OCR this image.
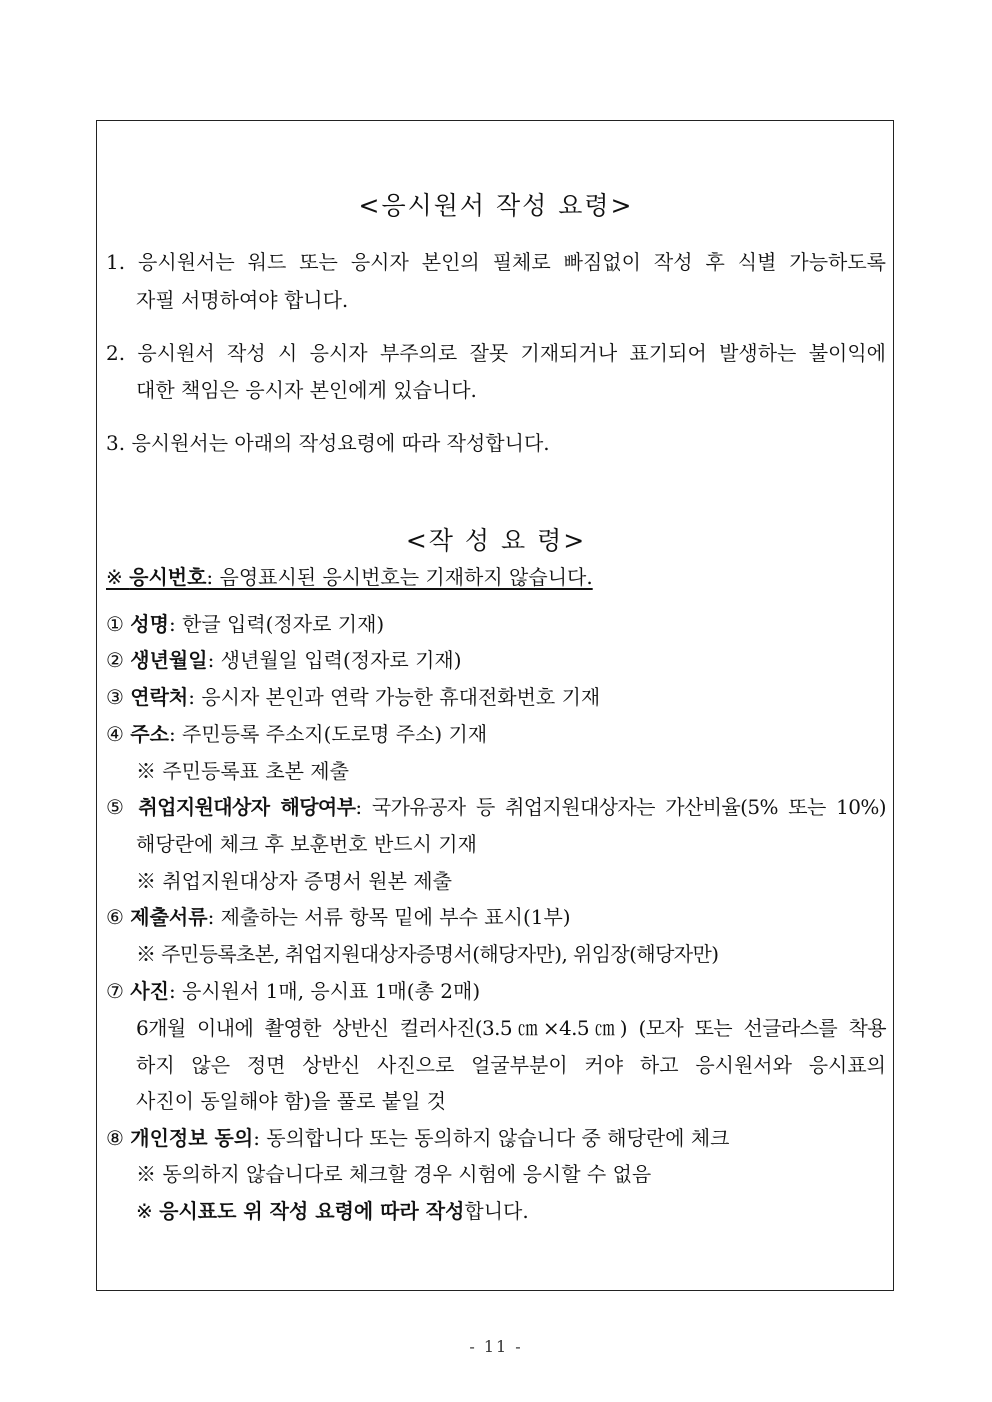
<응시원서 작성 요령>
1. 응시원서는 워드 또는 응시자 본인의 필체로 빠짐없이 작성 후 식별 가능하도록
자필 서명하여야 합니다.
2. 응시원서 작성 시 응시자 부주의로 잘못 기재되거나 표기되어 발생하는 불이익에
대한 책임은 응시자 본인에게 있습니다.
3. 응시원서는 아래의 작성요령에 따라 작성합니다.
<작 성 요 령>
※ 응시번호: 음영표시된 응시번호는 기재하지 않습니다.
① 성명: 한글 입력(정자로 기재)
② 생년월일: 생년월일 입력(정자로 기재)
③ 연락처: 응시자 본인과 연락 가능한 휴대전화번호 기재
④ 주소: 주민등록 주소지(도로명 주소) 기재
※ 주민등록표 초본 제출
⑤ 취업지원대상자 해당여부: 국가유공자 등 취업지원대상자는 가산비율(5% 또는 10%)
해당란에 체크 후 보훈번호 반드시 기재
※ 취업지원대상자 증명서 원본 제출
⑥ 제출서류: 제출하는 서류 항목 밑에 부수 표시(1부)
※ 주민등록초본, 취업지원대상자증명서(해당자만), 위임장(해당자만)
⑦ 사진: 응시원서 1매, 응시표 1매(총 2매)
6개월 이내에 촬영한 상반신 컬러사진(3.5㎝×4.5㎝) (모자 또는 선글라스를 착용
하지 않은 정면 상반신 사진으로 얼굴부분이 커야 하고 응시원서와 응시표의
사진이 동일해야 함)을 풀로 붙일 것
⑧ 개인정보 동의: 동의합니다 또는 동의하지 않습니다 중 해당란에 체크
※ 동의하지 않습니다로 체크할 경우 시험에 응시할 수 없음
※ 응시표도 위 작성 요령에 따라 작성합니다.
- 11 -
